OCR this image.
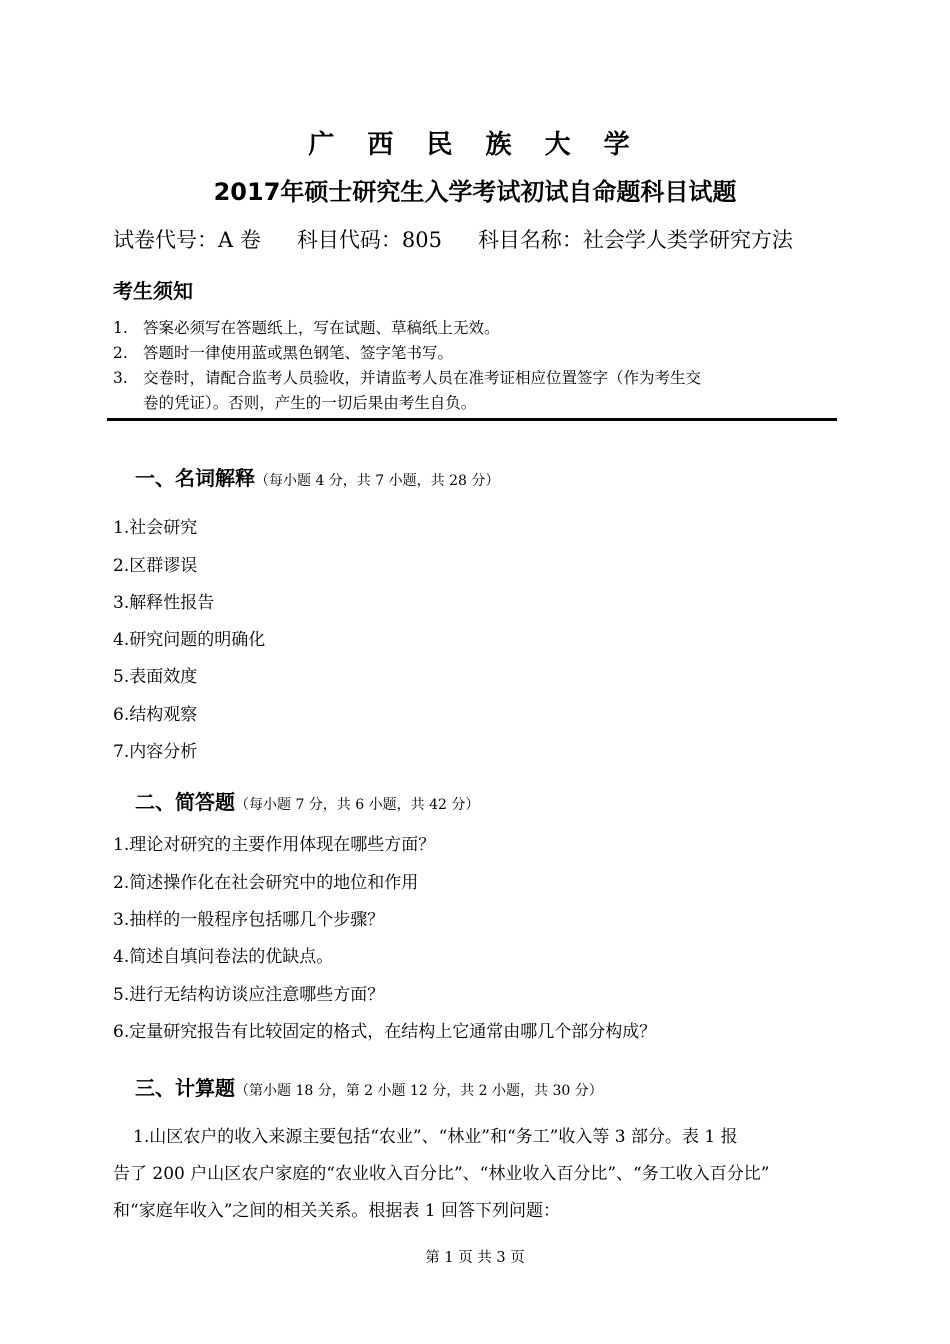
广 西 民 族 大 学
2017年硕士研究生入学考试初试自命题科目试题
试卷代号：A 卷 科目代码：805 科目名称：社会学人类学研究方法
考生须知
1. 答案必须写在答题纸上，写在试题、草稿纸上无效。
2. 答题时一律使用蓝或黑色钢笔、签字笔书写。
3. 交卷时，请配合监考人员验收，并请监考人员在准考证相应位置签字（作为考生交
卷的凭证）。否则，产生的一切后果由考生自负。
一、名词解释（每小题 4 分，共 7 小题，共 28 分）
1.社会研究
2.区群谬误
3.解释性报告
4.研究问题的明确化
5.表面效度
6.结构观察
7.内容分析
二、简答题（每小题 7 分，共 6 小题，共 42 分）
1.理论对研究的主要作用体现在哪些方面？
2.简述操作化在社会研究中的地位和作用
3.抽样的一般程序包括哪几个步骤？
4.简述自填问卷法的优缺点。
5.进行无结构访谈应注意哪些方面？
6.定量研究报告有比较固定的格式，在结构上它通常由哪几个部分构成？
三、计算题（第小题 18 分，第 2 小题 12 分，共 2 小题，共 30 分）
1.山区农户的收入来源主要包括“农业”、“林业”和“务工”收入等 3 部分。表 1 报
告了 200 户山区农户家庭的“农业收入百分比”、“林业收入百分比”、“务工收入百分比”
和“家庭年收入”之间的相关关系。根据表 1 回答下列问题：
第 1 页 共 3 页
